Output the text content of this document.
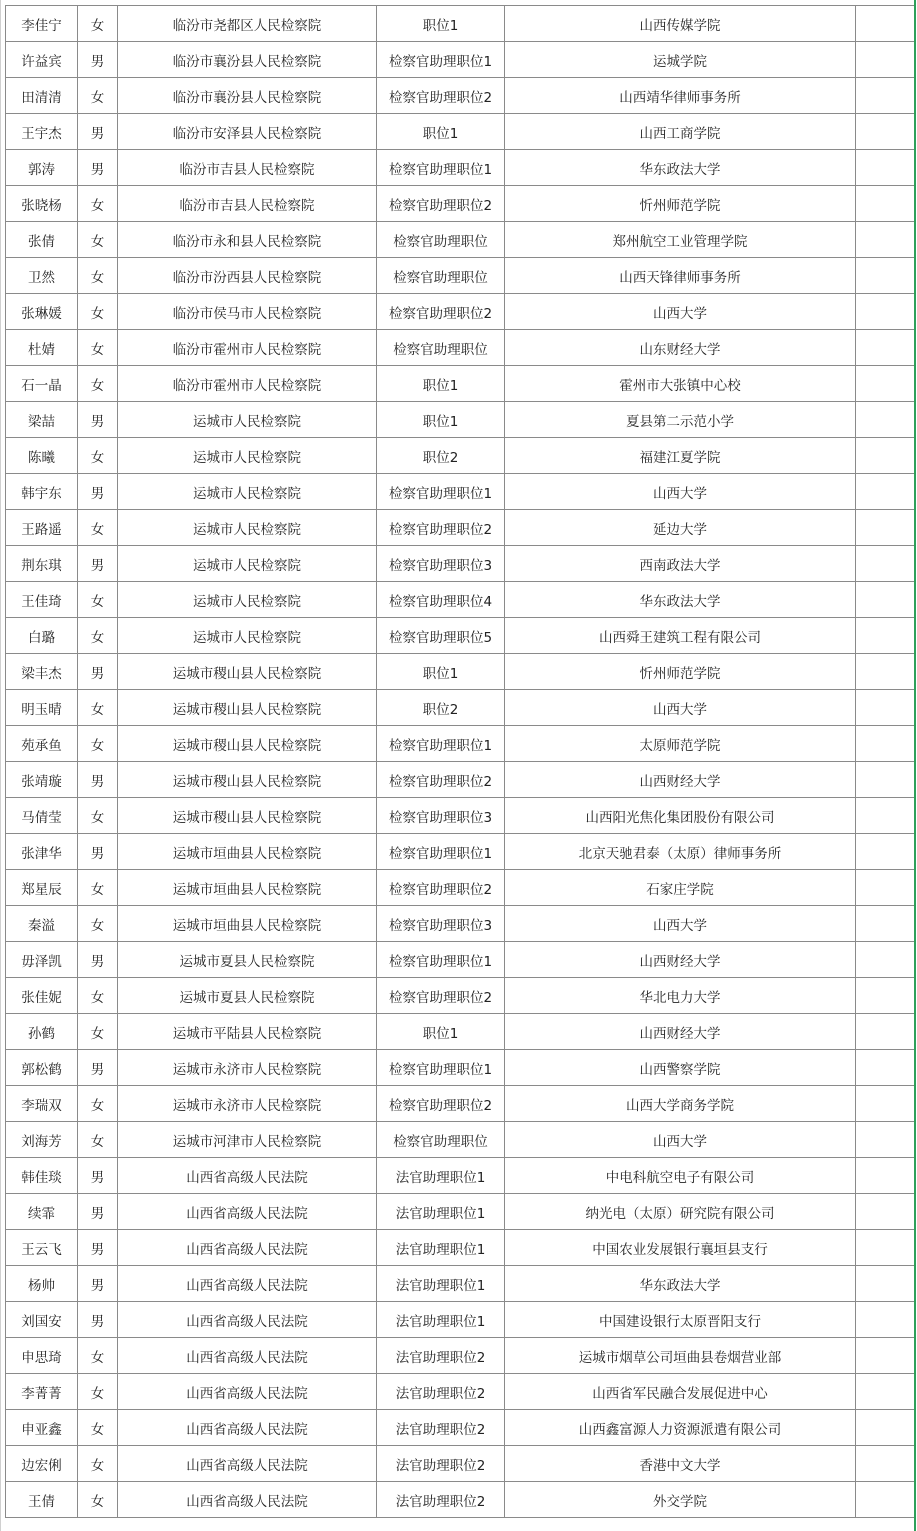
李佳宁	女	临汾市尧都区人民检察院	职位1	山西传媒学院	
许益宾	男	临汾市襄汾县人民检察院	检察官助理职位1	运城学院	
田清清	女	临汾市襄汾县人民检察院	检察官助理职位2	山西靖华律师事务所	
王宇杰	男	临汾市安泽县人民检察院	职位1	山西工商学院	
郭涛	男	临汾市吉县人民检察院	检察官助理职位1	华东政法大学	
张晓杨	女	临汾市吉县人民检察院	检察官助理职位2	忻州师范学院	
张倩	女	临汾市永和县人民检察院	检察官助理职位	郑州航空工业管理学院	
卫然	女	临汾市汾西县人民检察院	检察官助理职位	山西天锋律师事务所	
张琳媛	女	临汾市侯马市人民检察院	检察官助理职位2	山西大学	
杜婧	女	临汾市霍州市人民检察院	检察官助理职位	山东财经大学	
石一晶	女	临汾市霍州市人民检察院	职位1	霍州市大张镇中心校	
梁喆	男	运城市人民检察院	职位1	夏县第二示范小学	
陈曦	女	运城市人民检察院	职位2	福建江夏学院	
韩宇东	男	运城市人民检察院	检察官助理职位1	山西大学	
王路遥	女	运城市人民检察院	检察官助理职位2	延边大学	
荆东琪	男	运城市人民检察院	检察官助理职位3	西南政法大学	
王佳琦	女	运城市人民检察院	检察官助理职位4	华东政法大学	
白璐	女	运城市人民检察院	检察官助理职位5	山西舜王建筑工程有限公司	
梁丰杰	男	运城市稷山县人民检察院	职位1	忻州师范学院	
明玉晴	女	运城市稷山县人民检察院	职位2	山西大学	
苑承鱼	女	运城市稷山县人民检察院	检察官助理职位1	太原师范学院	
张靖璇	男	运城市稷山县人民检察院	检察官助理职位2	山西财经大学	
马倩莹	女	运城市稷山县人民检察院	检察官助理职位3	山西阳光焦化集团股份有限公司	
张津华	男	运城市垣曲县人民检察院	检察官助理职位1	北京天驰君泰（太原）律师事务所	
郑星辰	女	运城市垣曲县人民检察院	检察官助理职位2	石家庄学院	
秦溢	女	运城市垣曲县人民检察院	检察官助理职位3	山西大学	
毋泽凯	男	运城市夏县人民检察院	检察官助理职位1	山西财经大学	
张佳妮	女	运城市夏县人民检察院	检察官助理职位2	华北电力大学	
孙鹤	女	运城市平陆县人民检察院	职位1	山西财经大学	
郭松鹤	男	运城市永济市人民检察院	检察官助理职位1	山西警察学院	
李瑞双	女	运城市永济市人民检察院	检察官助理职位2	山西大学商务学院	
刘海芳	女	运城市河津市人民检察院	检察官助理职位	山西大学	
韩佳琰	男	山西省高级人民法院	法官助理职位1	中电科航空电子有限公司	
续霏	男	山西省高级人民法院	法官助理职位1	纳光电（太原）研究院有限公司	
王云飞	男	山西省高级人民法院	法官助理职位1	中国农业发展银行襄垣县支行	
杨帅	男	山西省高级人民法院	法官助理职位1	华东政法大学	
刘国安	男	山西省高级人民法院	法官助理职位1	中国建设银行太原晋阳支行	
申思琦	女	山西省高级人民法院	法官助理职位2	运城市烟草公司垣曲县卷烟营业部	
李菁菁	女	山西省高级人民法院	法官助理职位2	山西省军民融合发展促进中心	
申亚鑫	女	山西省高级人民法院	法官助理职位2	山西鑫富源人力资源派遣有限公司	
边宏俐	女	山西省高级人民法院	法官助理职位2	香港中文大学	
王倩	女	山西省高级人民法院	法官助理职位2	外交学院	
